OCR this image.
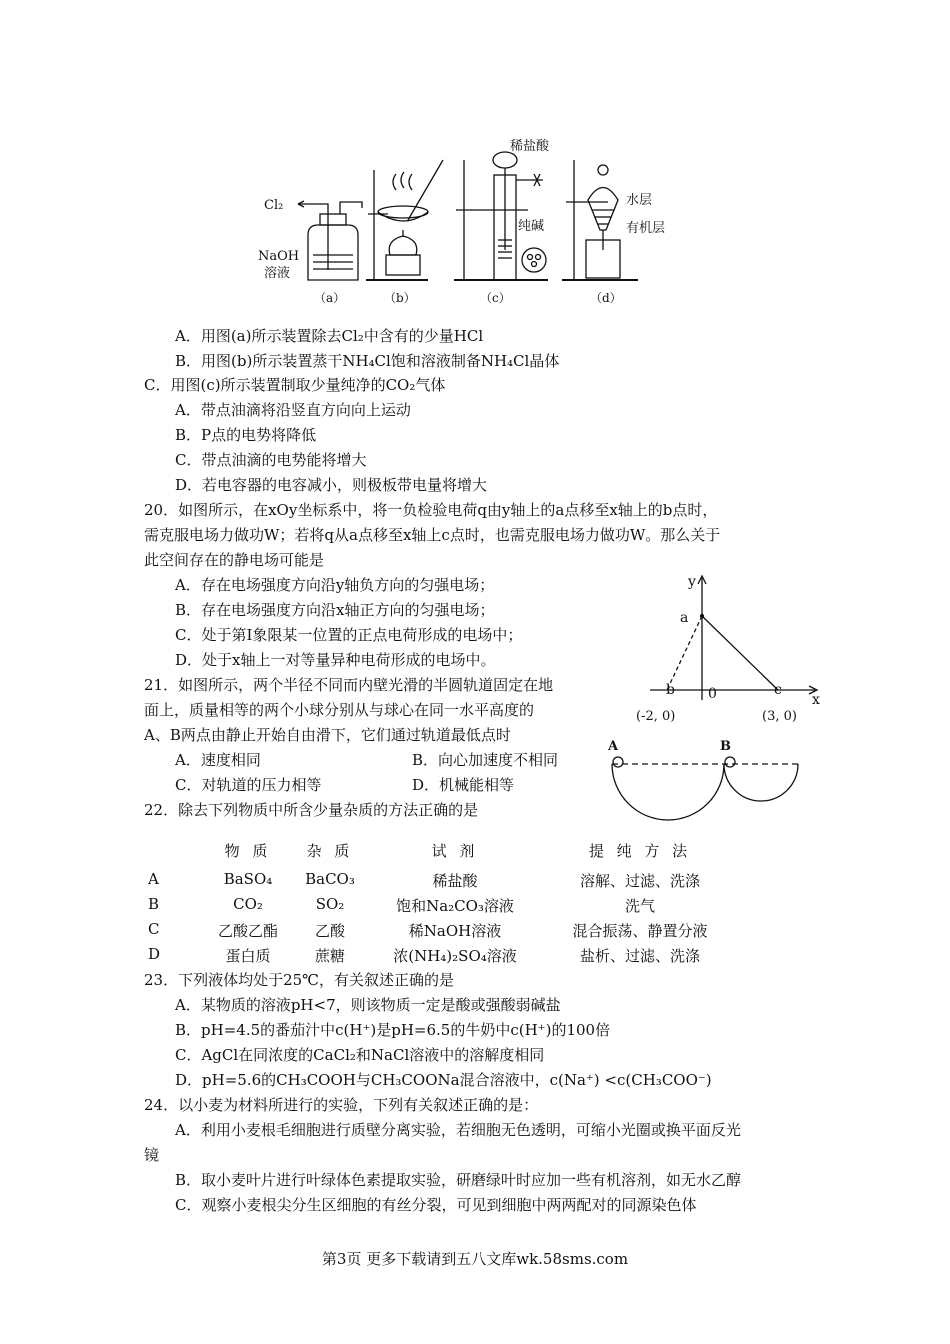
Cl₂
NaOH
溶液
稀盐酸
纯碱
水层
有机层
（a）	（b）	（c）	（d）
A．用图(a)所示装置除去Cl₂中含有的少量HCl
B．用图(b)所示装置蒸干NH₄Cl饱和溶液制备NH₄Cl晶体
C．用图(c)所示装置制取少量纯净的CO₂气体
A．带点油滴将沿竖直方向向上运动
B．P点的电势将降低
C．带点油滴的电势能将增大
D．若电容器的电容减小，则极板带电量将增大
20．如图所示，在xOy坐标系中，将一负检验电荷q由y轴上的a点移至x轴上的b点时，
需克服电场力做功W；若将q从a点移至x轴上c点时，也需克服电场力做功W。那么关于
此空间存在的静电场可能是
A．存在电场强度方向沿y轴负方向的匀强电场；
B．存在电场强度方向沿x轴正方向的匀强电场；
C．处于第Ⅰ象限某一位置的正点电荷形成的电场中；
D．处于x轴上一对等量异种电荷形成的电场中。
21．如图所示，两个半径不同而内壁光滑的半圆轨道固定在地
面上，质量相等的两个小球分别从与球心在同一水平高度的
A、B两点由静止开始自由滑下，它们通过轨道最低点时
A．速度相同	B．向心加速度不相同
C．对轨道的压力相等	D．机械能相等
22．除去下列物质中所含少量杂质的方法正确的是
y
x
a
b	c
0
(-2, 0)	(3, 0)
A	B
物 质	杂 质	试 剂	提 纯 方 法
A	BaSO₄	BaCO₃	稀盐酸	溶解、过滤、洗涤
B	CO₂	SO₂	饱和Na₂CO₃溶液	洗气
C	乙酸乙酯	乙酸	稀NaOH溶液	混合振荡、静置分液
D	蛋白质	蔗糖	浓(NH₄)₂SO₄溶液	盐析、过滤、洗涤
23．下列液体均处于25℃，有关叙述正确的是
A．某物质的溶液pH<7，则该物质一定是酸或强酸弱碱盐
B．pH=4.5的番茄汁中c(H⁺)是pH=6.5的牛奶中c(H⁺)的100倍
C．AgCl在同浓度的CaCl₂和NaCl溶液中的溶解度相同
D．pH=5.6的CH₃COOH与CH₃COONa混合溶液中，c(Na⁺) <c(CH₃COO⁻)
24．以小麦为材料所进行的实验，下列有关叙述正确的是：
A．利用小麦根毛细胞进行质壁分离实验，若细胞无色透明，可缩小光圈或换平面反光
镜
B．取小麦叶片进行叶绿体色素提取实验，研磨绿叶时应加一些有机溶剂，如无水乙醇
C．观察小麦根尖分生区细胞的有丝分裂，可见到细胞中两两配对的同源染色体
第3页 更多下载请到五八文库wk.58sms.com
